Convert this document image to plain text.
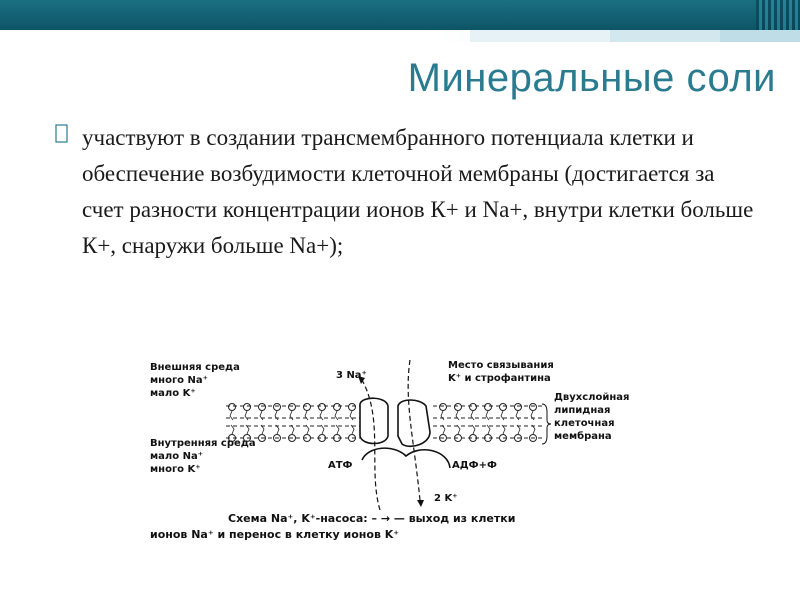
Минеральные соли

участвуют в создании трансмембранного потенциала клетки и обеспечение возбудимости клеточной мембраны (достигается за счет разности концентрации ионов К+ и Na+, внутри клетки больше К+, снаружи больше Na+);

Внешняя среда
много Na⁺
мало K⁺
Внутренняя среда
мало Na⁺
много K⁺
3 Na⁺
Место связывания
K⁺ и строфантина
АТФ	АДФ+Ф
2 K⁺
Двухслойная
липидная
клеточная
мембрана
Схема Na⁺, K⁺-насоса: – → — выход из клетки
ионов Na⁺ и перенос в клетку ионов K⁺
